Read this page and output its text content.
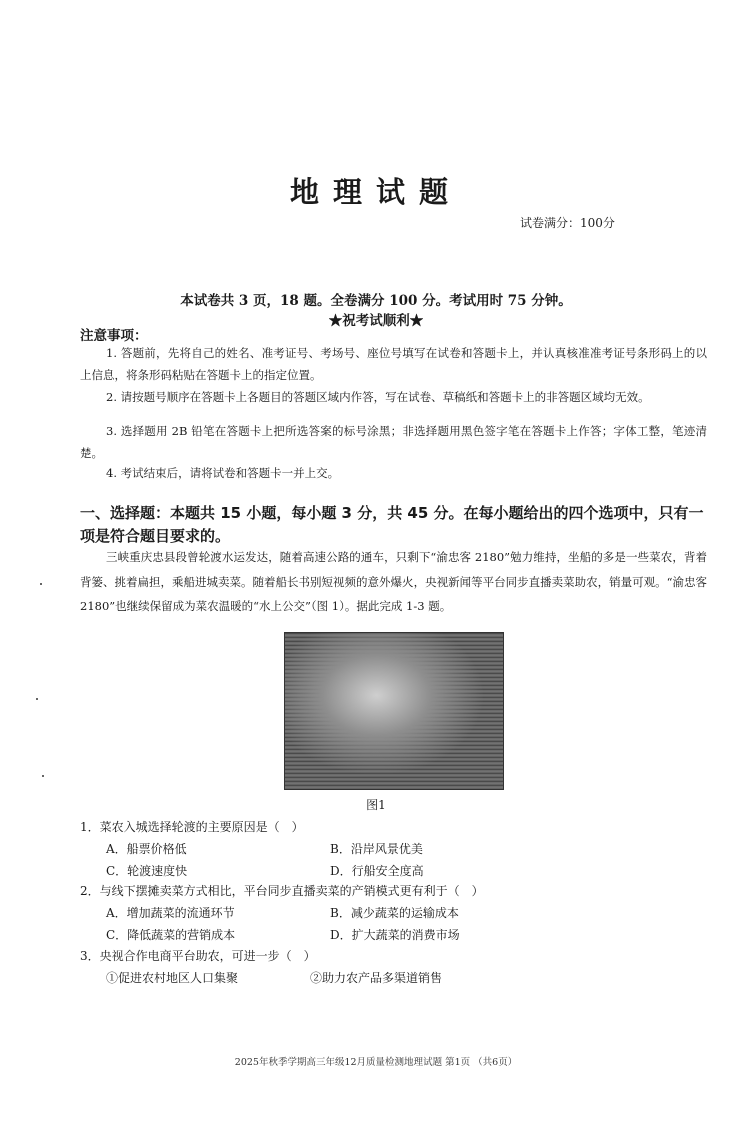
地理试题
试卷满分：100分
本试卷共 3 页，18 题。全卷满分 100 分。考试用时 75 分钟。
★祝考试顺利★
注意事项：
1. 答题前，先将自己的姓名、准考证号、考场号、座位号填写在试卷和答题卡上，并认真核准准考证号条形码上的以上信息，将条形码粘贴在答题卡上的指定位置。
2. 请按题号顺序在答题卡上各题目的答题区域内作答，写在试卷、草稿纸和答题卡上的非答题区域均无效。
3. 选择题用 2B 铅笔在答题卡上把所选答案的标号涂黑；非选择题用黑色签字笔在答题卡上作答；字体工整，笔迹清楚。
4. 考试结束后，请将试卷和答题卡一并上交。
一、选择题：本题共 15 小题，每小题 3 分，共 45 分。在每小题给出的四个选项中，只有一项是符合题目要求的。
三峡重庆忠县段曾轮渡水运发达，随着高速公路的通车，只剩下“渝忠客 2180”勉力维持，坐船的多是一些菜农，背着背篓、挑着扁担，乘船进城卖菜。随着船长书别短视频的意外爆火，央视新闻等平台同步直播卖菜助农，销量可观。“渝忠客 2180”也继续保留成为菜农温暖的“水上公交”（图 1）。据此完成 1-3 题。
图1
1．菜农入城选择轮渡的主要原因是（　）
A．船票价格低	B．沿岸风景优美
C．轮渡速度快	D．行船安全度高
2．与线下摆摊卖菜方式相比，平台同步直播卖菜的产销模式更有利于（　）
A．增加蔬菜的流通环节	B．减少蔬菜的运输成本
C．降低蔬菜的营销成本	D．扩大蔬菜的消费市场
3．央视合作电商平台助农，可进一步（　）
①促进农村地区人口集聚	②助力农产品多渠道销售
2025年秋季学期高三年级12月质量检测地理试题 第1页 （共6页）
